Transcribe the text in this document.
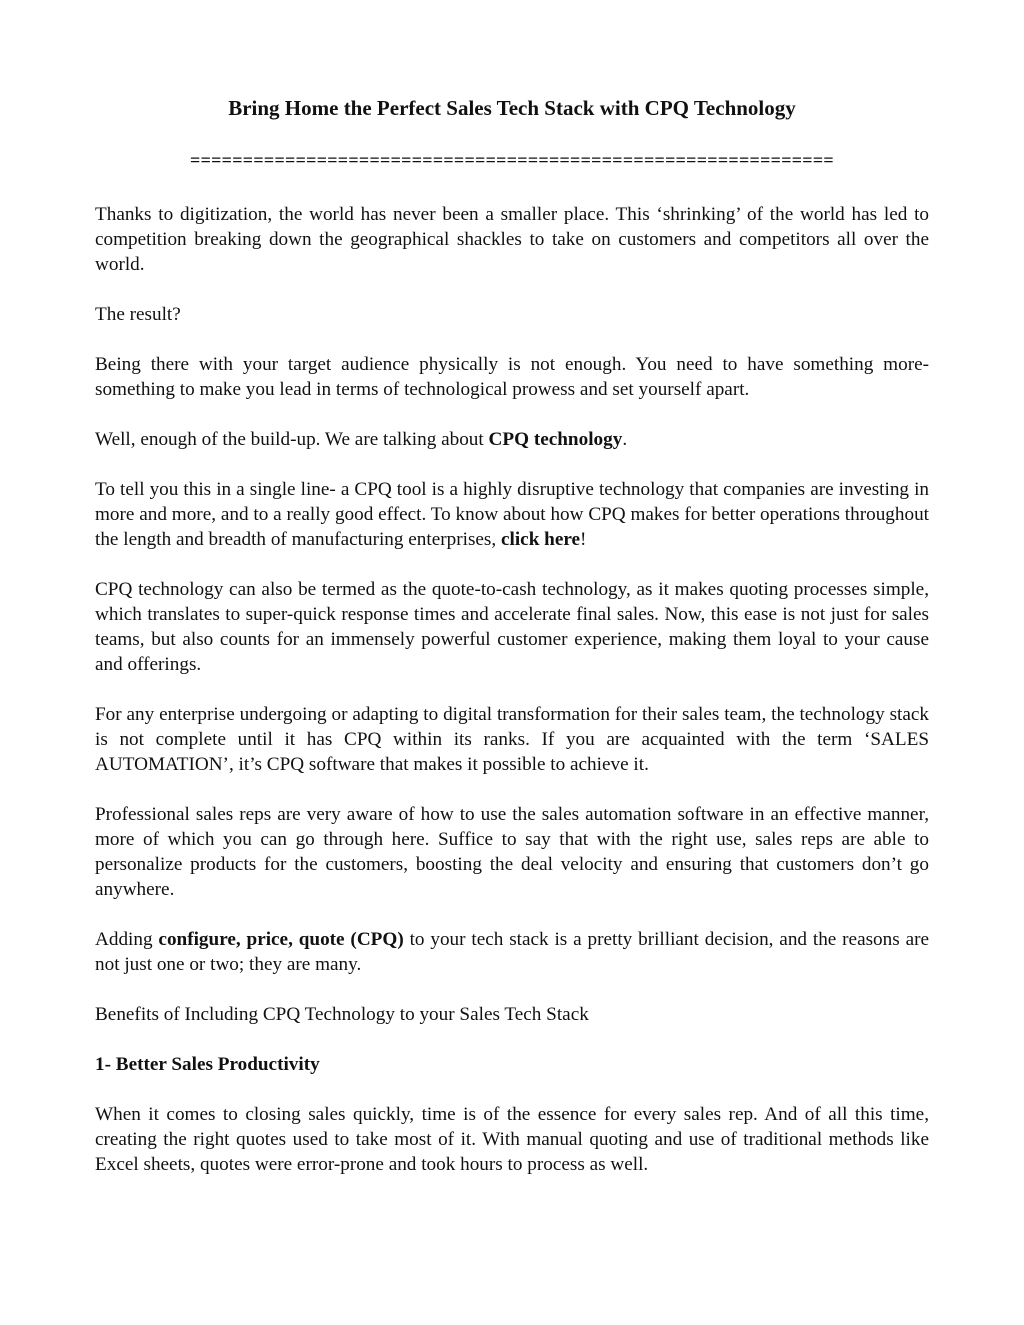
Bring Home the Perfect Sales Tech Stack with CPQ Technology
=============================================================

Thanks to digitization, the world has never been a smaller place. This ‘shrinking’ of the world has led to competition breaking down the geographical shackles to take on customers and competitors all over the world.

The result?

Being there with your target audience physically is not enough. You need to have something more- something to make you lead in terms of technological prowess and set yourself apart.

Well, enough of the build-up. We are talking about CPQ technology.

To tell you this in a single line- a CPQ tool is a highly disruptive technology that companies are investing in more and more, and to a really good effect. To know about how CPQ makes for better operations throughout the length and breadth of manufacturing enterprises, click here!

CPQ technology can also be termed as the quote-to-cash technology, as it makes quoting processes simple, which translates to super-quick response times and accelerate final sales. Now, this ease is not just for sales teams, but also counts for an immensely powerful customer experience, making them loyal to your cause and offerings.

For any enterprise undergoing or adapting to digital transformation for their sales team, the technology stack is not complete until it has CPQ within its ranks. If you are acquainted with the term ‘SALES AUTOMATION’, it’s CPQ software that makes it possible to achieve it.

Professional sales reps are very aware of how to use the sales automation software in an effective manner, more of which you can go through here. Suffice to say that with the right use, sales reps are able to personalize products for the customers, boosting the deal velocity and ensuring that customers don’t go anywhere.

Adding configure, price, quote (CPQ) to your tech stack is a pretty brilliant decision, and the reasons are not just one or two; they are many.

Benefits of Including CPQ Technology to your Sales Tech Stack

1- Better Sales Productivity

When it comes to closing sales quickly, time is of the essence for every sales rep. And of all this time, creating the right quotes used to take most of it. With manual quoting and use of traditional methods like Excel sheets, quotes were error-prone and took hours to process as well.
